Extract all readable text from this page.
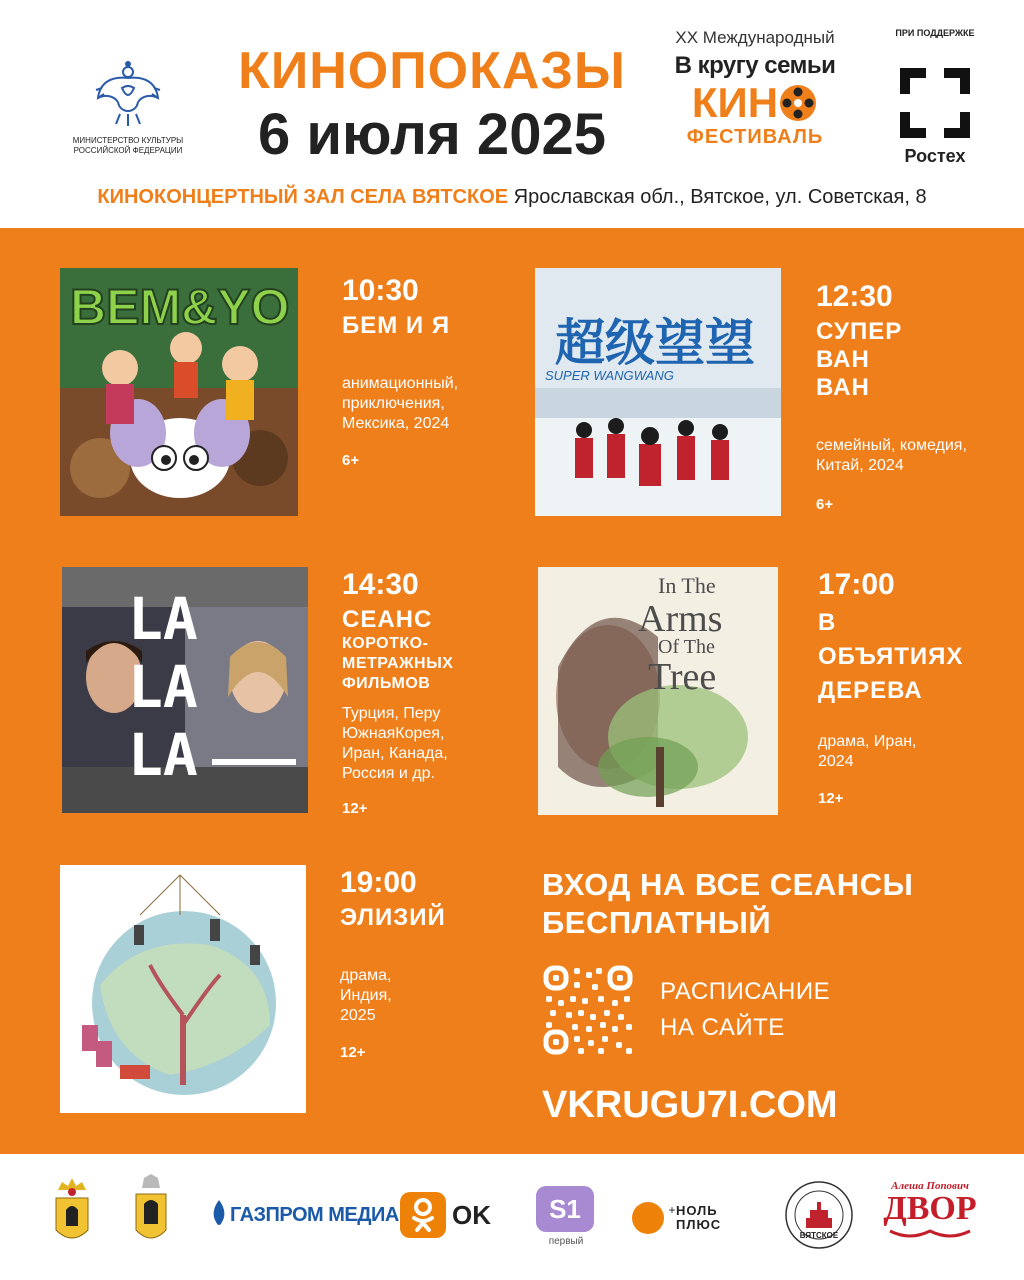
МИНИСТЕРСТВО КУЛЬТУРЫ РОССИЙСКОЙ ФЕДЕРАЦИИ
КИНОПОКАЗЫ
6 июля 2025
XX Международный
В кругу семьи
КИН
ФЕСТИВАЛЬ
ПРИ ПОДДЕРЖКЕ
Ростех
КИНОКОНЦЕРТНЫЙ ЗАЛ СЕЛА ВЯТСКОЕ Ярославская обл., Вятское, ул. Советская, 8
BEM&YO 10:30
БЕМ И Я
анимационный,
приключения,
Мексика, 2024
6+
超级望望
SUPER WANGWANG
12:30
СУПЕР
ВАН
ВАН
семейный, комедия,
Китай, 2024
6+
LA
LA
LA
14:30
СЕАНС
КОРОТКО-
МЕТРАЖНЫХ
ФИЛЬМОВ
Турция, Перу
ЮжнаяКорея,
Иран, Канада,
Россия и др.
12+
In The
Arms
Of The
Tree
17:00
В
ОБЪЯТИЯХ
ДЕРЕВА
драма, Иран,
2024
12+
19:00
ЭЛИЗИЙ
драма,
Индия,
2025
12+
ВХОД НА ВСЕ СЕАНСЫ
БЕСПЛАТНЫЙ
РАСПИСАНИЕ
НА САЙТЕ
VKRUGU7I.COM
ГАЗПРОМ МЕДИА OK S1
первый
+ НОЛЬ
ПЛЮС
ВЯТСКОЕ
Алеша Попович
ДВОР
